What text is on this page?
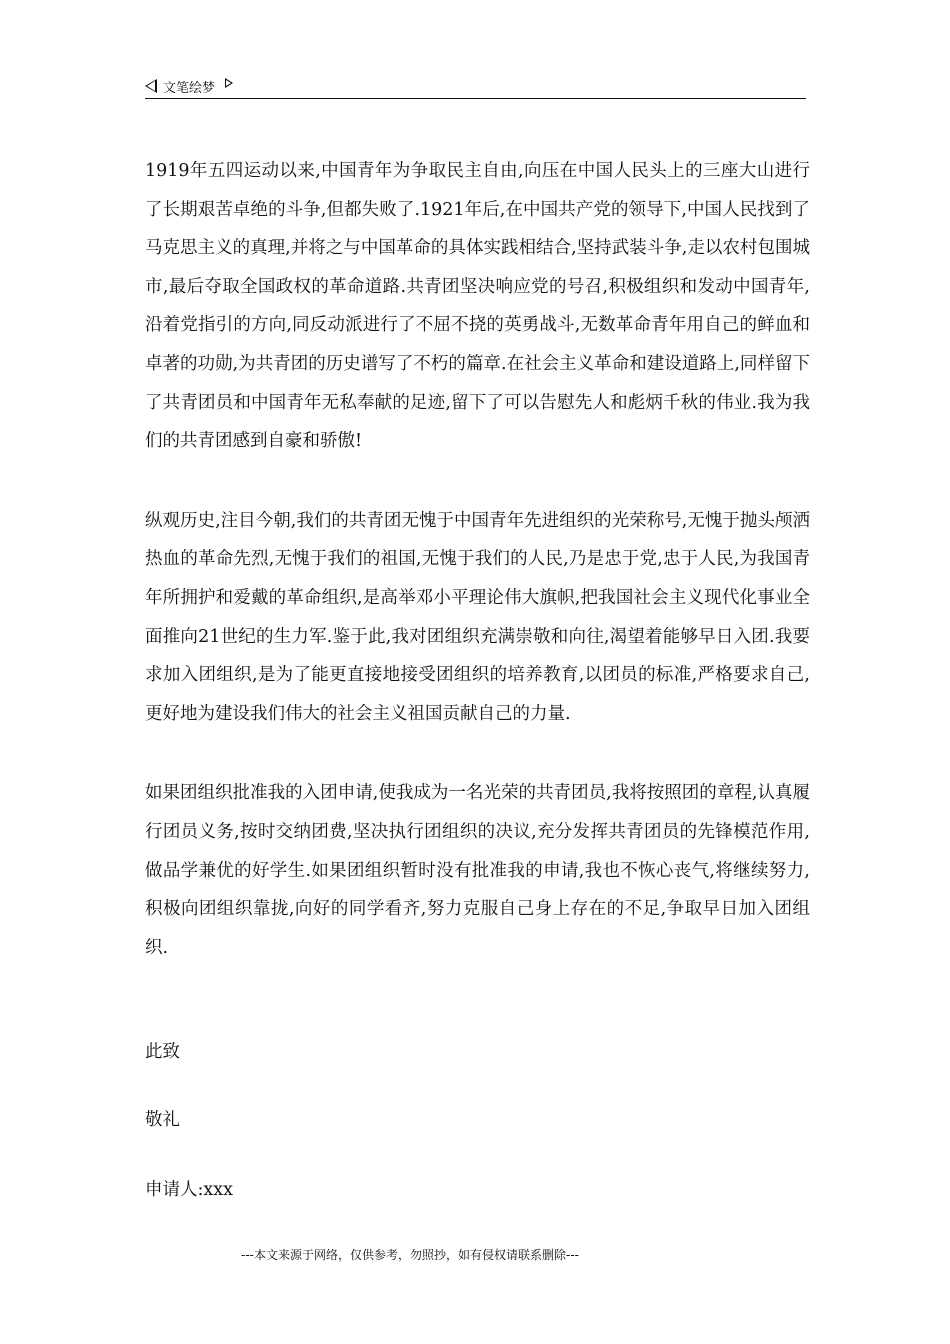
文笔绘梦

1919年五四运动以来,中国青年为争取民主自由,向压在中国人民头上的三座大山进行了长期艰苦卓绝的斗争,但都失败了.1921年后,在中国共产党的领导下,中国人民找到了马克思主义的真理,并将之与中国革命的具体实践相结合,坚持武装斗争,走以农村包围城市,最后夺取全国政权的革命道路.共青团坚决响应党的号召,积极组织和发动中国青年,沿着党指引的方向,同反动派进行了不屈不挠的英勇战斗,无数革命青年用自己的鲜血和卓著的功勋,为共青团的历史谱写了不朽的篇章.在社会主义革命和建设道路上,同样留下了共青团员和中国青年无私奉献的足迹,留下了可以告慰先人和彪炳千秋的伟业.我为我们的共青团感到自豪和骄傲!

纵观历史,注目今朝,我们的共青团无愧于中国青年先进组织的光荣称号,无愧于抛头颅洒热血的革命先烈,无愧于我们的祖国,无愧于我们的人民,乃是忠于党,忠于人民,为我国青年所拥护和爱戴的革命组织,是高举邓小平理论伟大旗帜,把我国社会主义现代化事业全面推向21世纪的生力军.鉴于此,我对团组织充满崇敬和向往,渴望着能够早日入团.我要求加入团组织,是为了能更直接地接受团组织的培养教育,以团员的标准,严格要求自己,更好地为建设我们伟大的社会主义祖国贡献自己的力量.

如果团组织批准我的入团申请,使我成为一名光荣的共青团员,我将按照团的章程,认真履行团员义务,按时交纳团费,坚决执行团组织的决议,充分发挥共青团员的先锋模范作用,做品学兼优的好学生.如果团组织暂时没有批准我的申请,我也不恢心丧气,将继续努力,积极向团组织靠拢,向好的同学看齐,努力克服自己身上存在的不足,争取早日加入团组织.

此致
敬礼
申请人:xxx
---本文来源于网络，仅供参考，勿照抄，如有侵权请联系删除---
